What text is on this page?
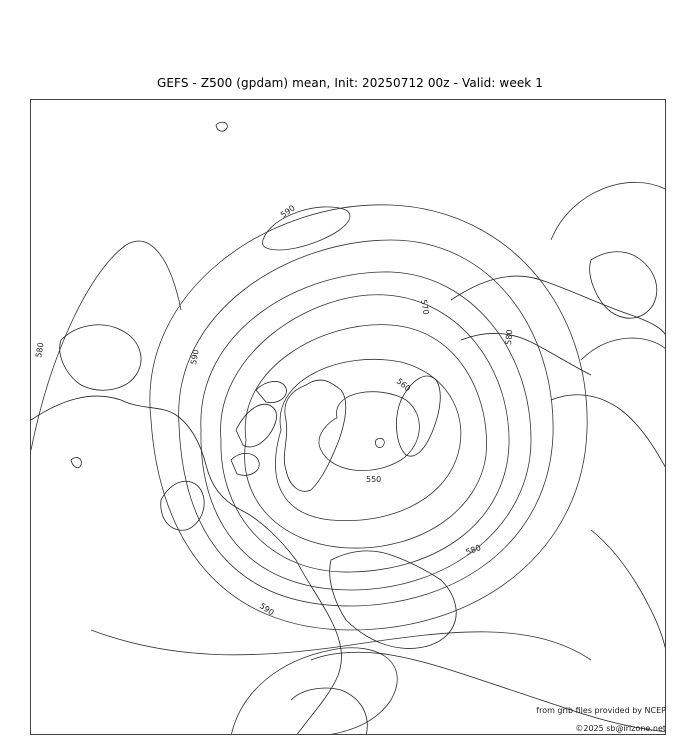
GEFS - Z500 (gpdam) mean, Init: 20250712 00z - Valid: week 1
590
580
570
580
560
550
580
590
590
from grib files provided by NCEP
©2025 sb@irizone.net
